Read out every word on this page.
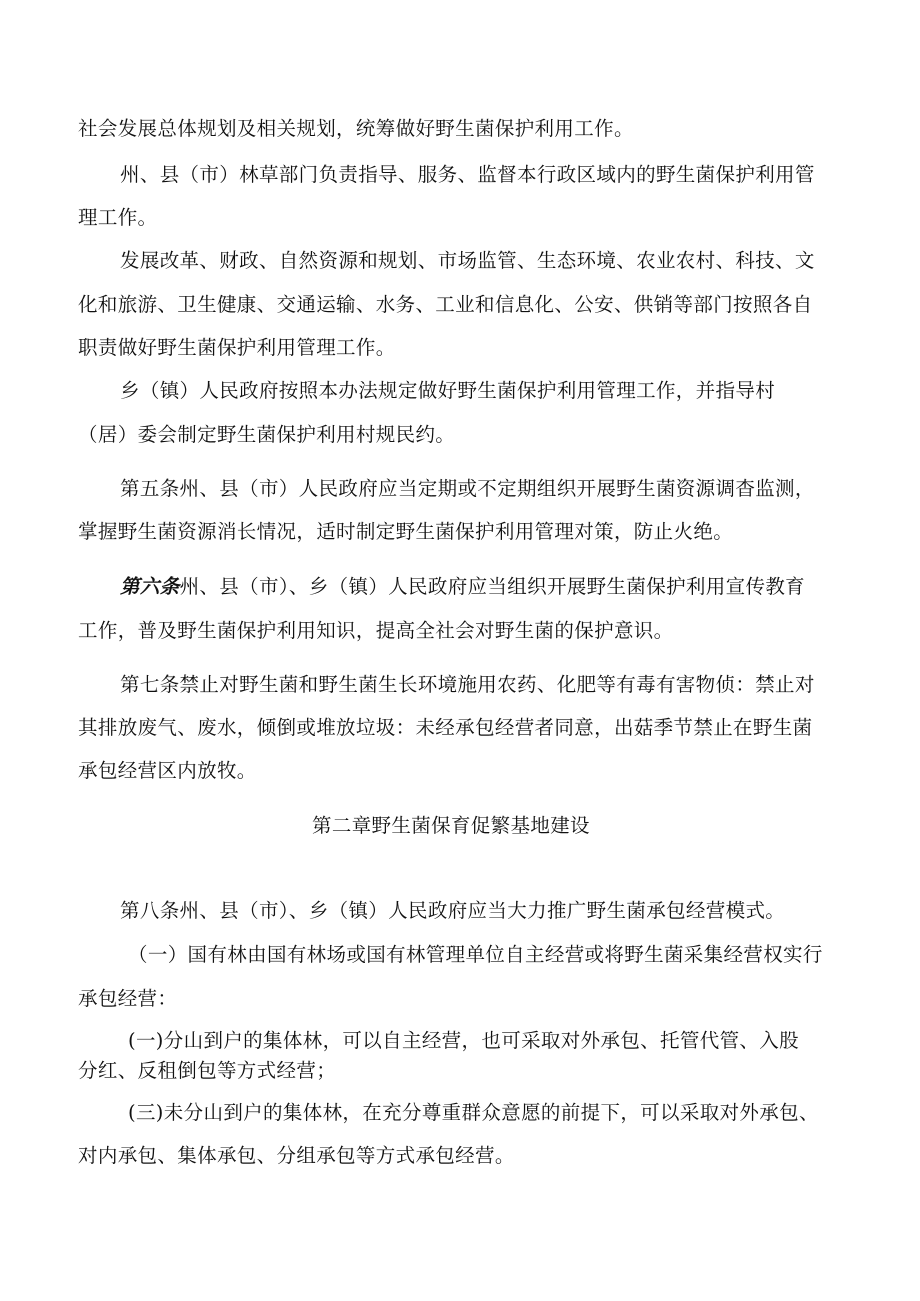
社会发展总体规划及相关规划，统筹做好野生菌保护利用工作。

州、县（市）林草部门负责指导、服务、监督本行政区域内的野生菌保护利用管

理工作。

发展改革、财政、自然资源和规划、市场监管、生态环境、农业农村、科技、文

化和旅游、卫生健康、交通运输、水务、工业和信息化、公安、供销等部门按照各自

职责做好野生菌保护利用管理工作。

乡（镇）人民政府按照本办法规定做好野生菌保护利用管理工作，并指导村

（居）委会制定野生菌保护利用村规民约。

第五条州、县（市）人民政府应当定期或不定期组织开展野生菌资源调杳监测，

掌握野生菌资源消长情况，适时制定野生菌保护利用管理对策，防止火绝。

第六条州、县（市）、乡（镇）人民政府应当组织开展野生菌保护利用宣传教育

工作，普及野生菌保护利用知识，提高全社会对野生菌的保护意识。

第七条禁止对野生菌和野生菌生长环境施用农药、化肥等有毒有害物侦：禁止对

其排放废气、废水，倾倒或堆放垃圾：未经承包经营者同意，出菇季节禁止在野生菌

承包经营区内放牧。

第二章野生菌保育促繁基地建设

第八条州、县（市）、乡（镇）人民政府应当大力推广野生菌承包经营模式。

（一）国有林由国有林场或国有林管理单位自主经营或将野生菌采集经营权实行

承包经营：

(一)分山到户的集体林，可以自主经营，也可采取对外承包、托管代管、入股

分红、反租倒包等方式经营；

(三)未分山到户的集体林，在充分尊重群众意愿的前提下，可以采取对外承包、

对内承包、集体承包、分组承包等方式承包经营。
